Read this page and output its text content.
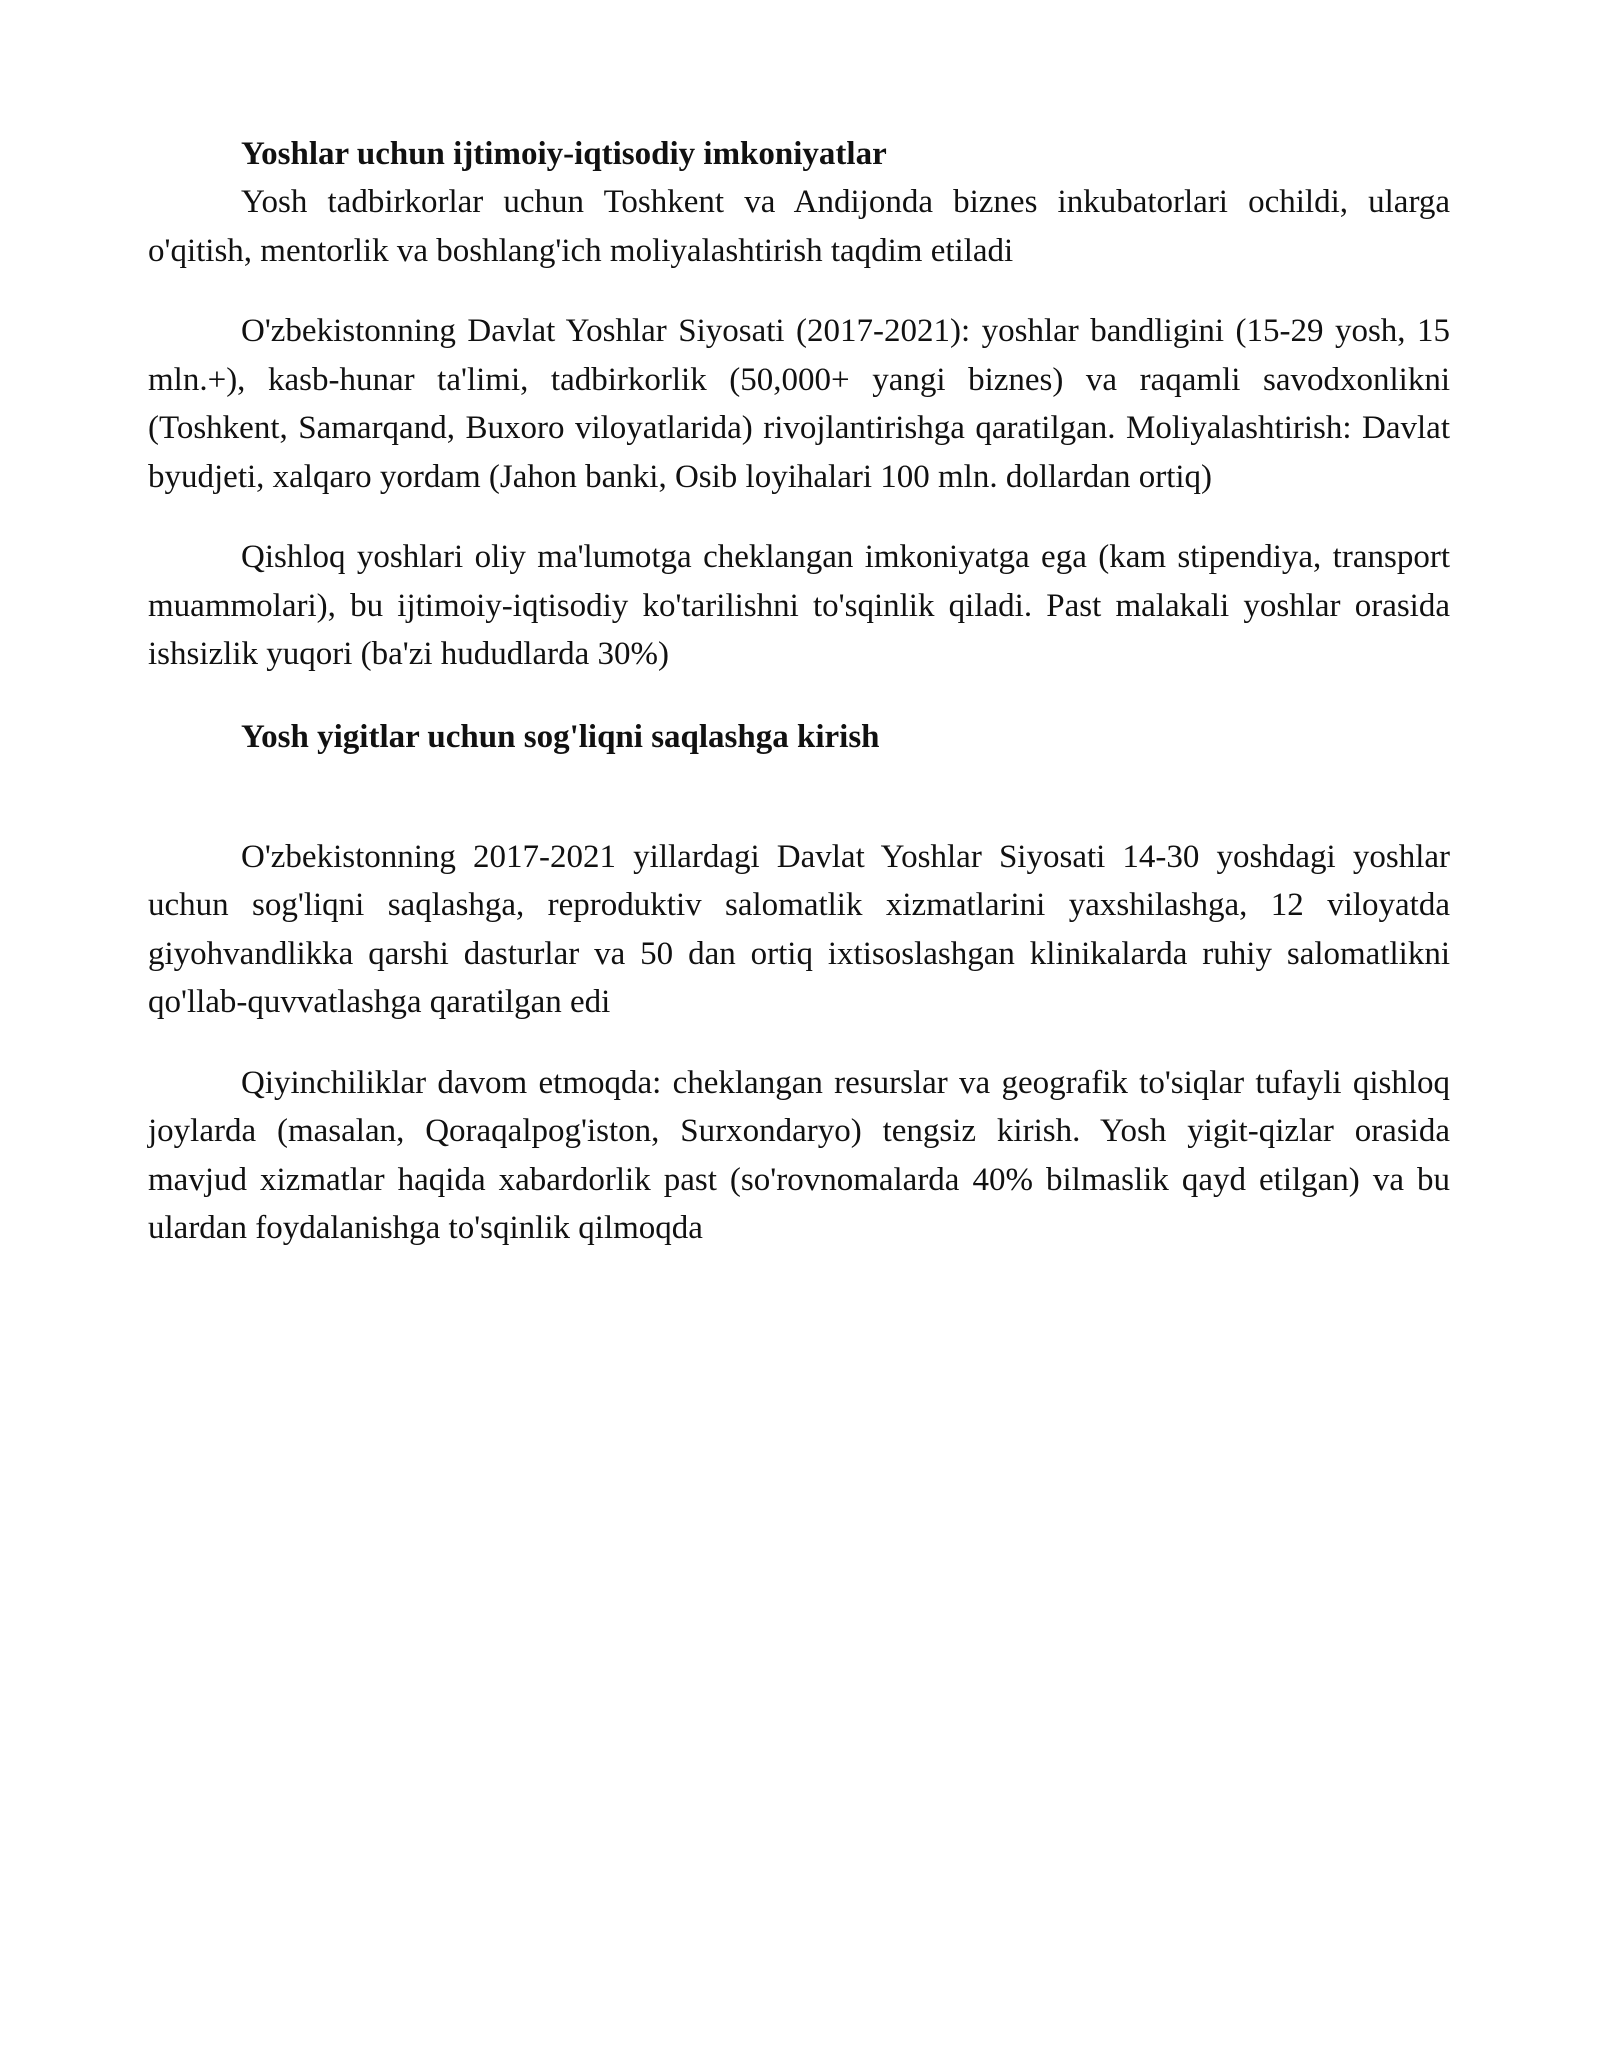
Yoshlar uchun ijtimoiy-iqtisodiy imkoniyatlar

Yosh tadbirkorlar uchun Toshkent va Andijonda biznes inkubatorlari ochildi, ularga o'qitish, mentorlik va boshlang'ich moliyalashtirish taqdim etiladi

O'zbekistonning Davlat Yoshlar Siyosati (2017-2021): yoshlar bandligini (15-29 yosh, 15 mln.+), kasb-hunar ta'limi, tadbirkorlik (50,000+ yangi biznes) va raqamli savodxonlikni (Toshkent, Samarqand, Buxoro viloyatlarida) rivojlantirishga qaratilgan. Moliyalashtirish: Davlat byudjeti, xalqaro yordam (Jahon banki, Osib loyihalari 100 mln. dollardan ortiq)

Qishloq yoshlari oliy ma'lumotga cheklangan imkoniyatga ega (kam stipendiya, transport muammolari), bu ijtimoiy-iqtisodiy ko'tarilishni to'sqinlik qiladi. Past malakali yoshlar orasida ishsizlik yuqori (ba'zi hududlarda 30%)

Yosh yigitlar uchun sog'liqni saqlashga kirish

O'zbekistonning 2017-2021 yillardagi Davlat Yoshlar Siyosati 14-30 yoshdagi yoshlar uchun sog'liqni saqlashga, reproduktiv salomatlik xizmatlarini yaxshilashga, 12 viloyatda giyohvandlikka qarshi dasturlar va 50 dan ortiq ixtisoslashgan klinikalarda ruhiy salomatlikni qo'llab-quvvatlashga qaratilgan edi

Qiyinchiliklar davom etmoqda: cheklangan resurslar va geografik to'siqlar tufayli qishloq joylarda (masalan, Qoraqalpog'iston, Surxondaryo) tengsiz kirish. Yosh yigit-qizlar orasida mavjud xizmatlar haqida xabardorlik past (so'rovnomalarda 40% bilmaslik qayd etilgan) va bu ulardan foydalanishga to'sqinlik qilmoqda
